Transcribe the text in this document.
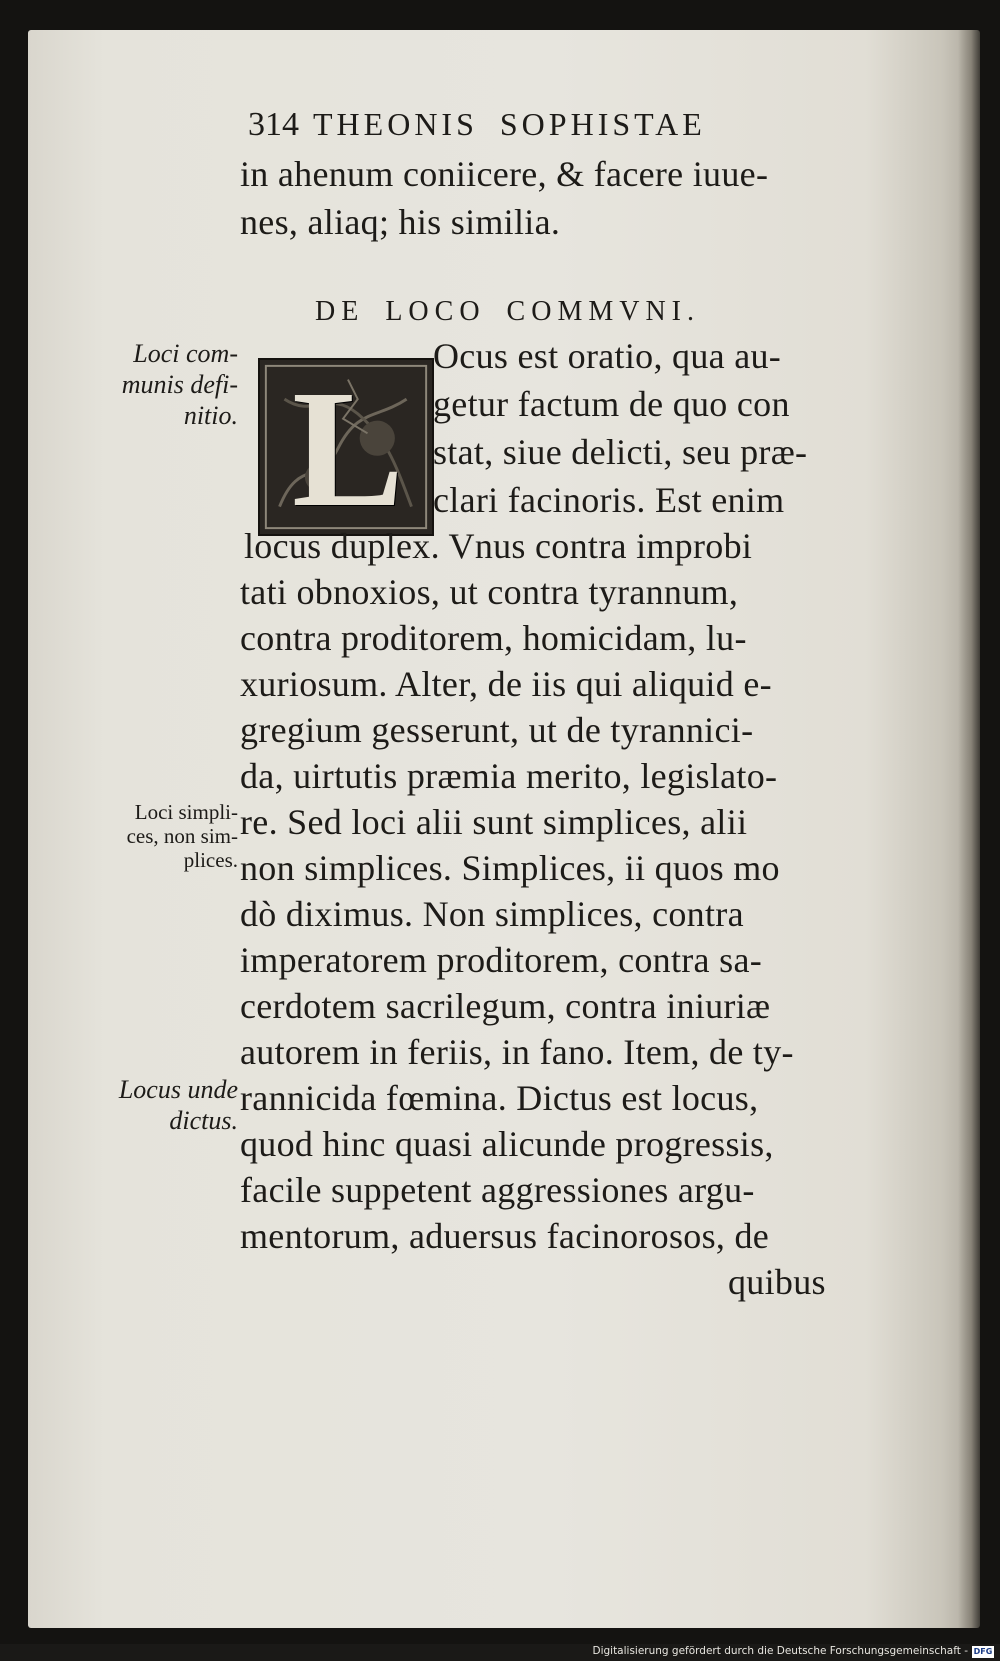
314 THEONIS SOPHISTAE

in ahenum coniicere, & facere iuue-

nes, aliaq; his similia.

DE LOCO COMMVNI.

L Ocus est oratio, qua au-

getur factum de quo con

stat, siue delicti, seu præ-

clari facinoris. Est enim

locus duplex. Vnus contra improbi

tati obnoxios, ut contra tyrannum,

contra proditorem, homicidam, lu-

xuriosum. Alter, de iis qui aliquid e-

gregium gesserunt, ut de tyrannici-

da, uirtutis præmia merito, legislato-

re. Sed loci alii sunt simplices, alii

non simplices. Simplices, ii quos mo

dò diximus. Non simplices, contra

imperatorem proditorem, contra sa-

cerdotem sacrilegum, contra iniuriæ

autorem in feriis, in fano. Item, de ty-

rannicida fœmina. Dictus est locus,

quod hinc quasi alicunde progressis,

facile suppetent aggressiones argu-

mentorum, aduersus facinorosos, de

quibus

Loci com-
munis defi-
nitio.
Loci simpli-
ces, non sim-
plices.
Locus unde
dictus.

Digitalisierung gefördert durch die Deutsche Forschungsgemeinschaft - DFG
